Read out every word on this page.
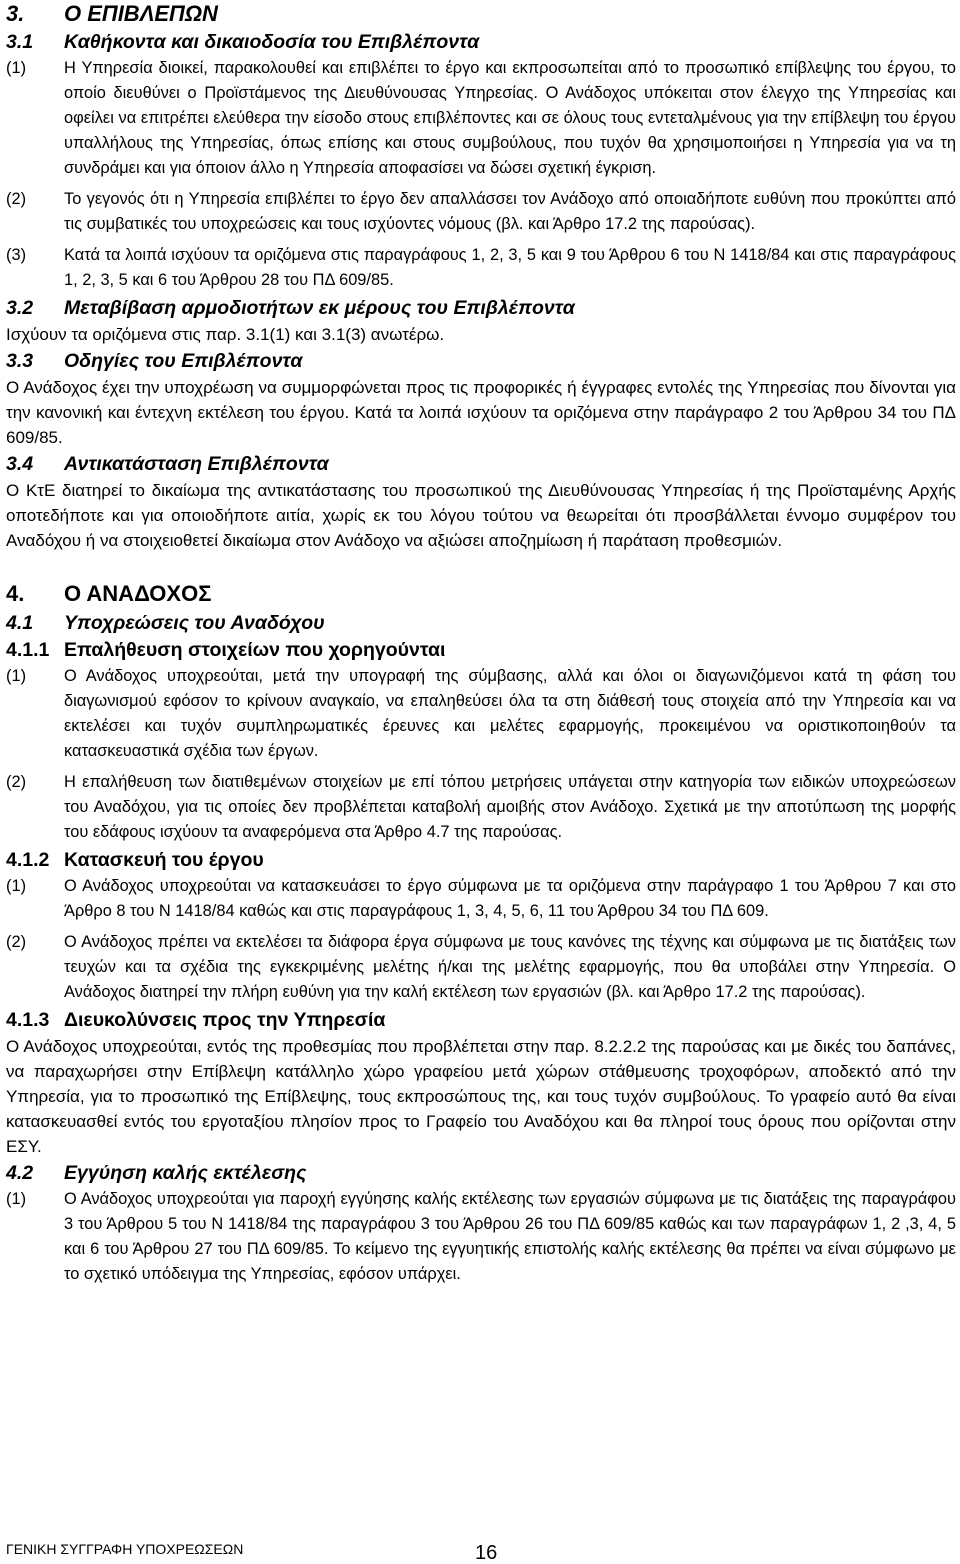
3. Ο ΕΠΙΒΛΕΠΩΝ
3.1 Καθήκοντα και δικαιοδοσία του Επιβλέποντα
(1)	Η Υπηρεσία διοικεί, παρακολουθεί και επιβλέπει το έργο και εκπροσωπείται από το προσωπικό επίβλεψης του έργου, το οποίο διευθύνει ο Προϊστάμενος της Διευθύνουσας Υπηρεσίας. Ο Ανάδοχος υπόκειται στον έλεγχο της Υπηρεσίας και οφείλει να επιτρέπει ελεύθερα την είσοδο στους επιβλέποντες και σε όλους τους εντεταλμένους για την επίβλεψη του έργου υπαλλήλους της Υπηρεσίας, όπως επίσης και στους συμβούλους, που τυχόν θα χρησιμοποιήσει η Υπηρεσία για να τη συνδράμει και για όποιον άλλο η Υπηρεσία αποφασίσει να δώσει σχετική έγκριση.
(2)	Το γεγονός ότι η Υπηρεσία επιβλέπει το έργο δεν απαλλάσσει τον Ανάδοχο από οποιαδήποτε ευθύνη που προκύπτει από τις συμβατικές του υποχρεώσεις και τους ισχύοντες νόμους (βλ. και Άρθρο 17.2 της παρούσας).
(3)	Κατά τα λοιπά ισχύουν τα οριζόμενα στις παραγράφους 1, 2, 3, 5 και 9 του Άρθρου 6 του Ν 1418/84 και στις παραγράφους 1, 2, 3, 5 και 6 του Άρθρου 28 του ΠΔ 609/85.
3.2 Μεταβίβαση αρμοδιοτήτων εκ μέρους του Επιβλέποντα
Ισχύουν τα οριζόμενα στις παρ. 3.1(1) και 3.1(3) ανωτέρω.
3.3 Οδηγίες του Επιβλέποντα
Ο Ανάδοχος έχει την υποχρέωση να συμμορφώνεται προς τις προφορικές ή έγγραφες εντολές της Υπηρεσίας που δίνονται για την κανονική και έντεχνη εκτέλεση του έργου. Κατά τα λοιπά ισχύουν τα οριζόμενα στην παράγραφο 2 του Άρθρου 34 του ΠΔ 609/85.
3.4 Αντικατάσταση Επιβλέποντα
Ο ΚτΕ διατηρεί το δικαίωμα της αντικατάστασης του προσωπικού της Διευθύνουσας Υπηρεσίας ή της Προϊσταμένης Αρχής οποτεδήποτε και για οποιοδήποτε αιτία, χωρίς εκ του λόγου τούτου να θεωρείται ότι προσβάλλεται έννομο συμφέρον του Αναδόχου ή να στοιχειοθετεί δικαίωμα στον Ανάδοχο να αξιώσει αποζημίωση ή παράταση προθεσμιών.
4. Ο ΑΝΑΔΟΧΟΣ
4.1 Υποχρεώσεις του Αναδόχου
4.1.1 Επαλήθευση στοιχείων που χορηγούνται
(1)	Ο Ανάδοχος υποχρεούται, μετά την υπογραφή της σύμβασης, αλλά και όλοι οι διαγωνιζόμενοι κατά τη φάση του διαγωνισμού εφόσον το κρίνουν αναγκαίο, να επαληθεύσει όλα τα στη διάθεσή τους στοιχεία από την Υπηρεσία και να εκτελέσει και τυχόν συμπληρωματικές έρευνες και μελέτες εφαρμογής, προκειμένου να οριστικοποιηθούν τα κατασκευαστικά σχέδια των έργων.
(2)	Η επαλήθευση των διατιθεμένων στοιχείων με επί τόπου μετρήσεις υπάγεται στην κατηγορία των ειδικών υποχρεώσεων του Αναδόχου, για τις οποίες δεν προβλέπεται καταβολή αμοιβής στον Ανάδοχο. Σχετικά με την αποτύπωση της μορφής του εδάφους ισχύουν τα αναφερόμενα στα Άρθρο 4.7 της παρούσας.
4.1.2 Κατασκευή του έργου
(1)	Ο Ανάδοχος υποχρεούται να κατασκευάσει το έργο σύμφωνα με τα οριζόμενα στην παράγραφο 1 του Άρθρου 7 και στο Άρθρο 8 του Ν 1418/84 καθώς και στις παραγράφους 1, 3, 4, 5, 6, 11 του Άρθρου 34 του ΠΔ 609.
(2)	Ο Ανάδοχος πρέπει να εκτελέσει τα διάφορα έργα σύμφωνα με τους κανόνες της τέχνης και σύμφωνα με τις διατάξεις των τευχών και τα σχέδια της εγκεκριμένης μελέτης ή/και της μελέτης εφαρμογής, που θα υποβάλει στην Υπηρεσία. Ο Ανάδοχος διατηρεί την πλήρη ευθύνη για την καλή εκτέλεση των εργασιών (βλ. και Άρθρο 17.2 της παρούσας).
4.1.3 Διευκολύνσεις προς την Υπηρεσία
Ο Ανάδοχος υποχρεούται, εντός της προθεσμίας που προβλέπεται στην παρ. 8.2.2.2 της παρούσας και με δικές του δαπάνες, να παραχωρήσει στην Επίβλεψη κατάλληλο χώρο γραφείου μετά χώρων στάθμευσης τροχοφόρων, αποδεκτό από την Υπηρεσία, για το προσωπικό της Επίβλεψης, τους εκπροσώπους της, και τους τυχόν συμβούλους. Το γραφείο αυτό θα είναι κατασκευασθεί εντός του εργοταξίου πλησίον προς το Γραφείο του Αναδόχου και θα πληροί τους όρους που ορίζονται στην ΕΣΥ.
4.2 Εγγύηση καλής εκτέλεσης
(1)	Ο Ανάδοχος υποχρεούται για παροχή εγγύησης καλής εκτέλεσης των εργασιών σύμφωνα με τις διατάξεις της παραγράφου 3 του Άρθρου 5 του Ν 1418/84 της παραγράφου 3 του Άρθρου 26 του ΠΔ 609/85 καθώς και των παραγράφων 1, 2 ,3, 4, 5 και 6 του Άρθρου 27 του ΠΔ 609/85. Το κείμενο της εγγυητικής επιστολής καλής εκτέλεσης θα πρέπει να είναι σύμφωνο με το σχετικό υπόδειγμα της Υπηρεσίας, εφόσον υπάρχει.
ΓΕΝΙΚΗ ΣΥΓΓΡΑΦΗ ΥΠΟΧΡΕΩΣΕΩΝ	16
